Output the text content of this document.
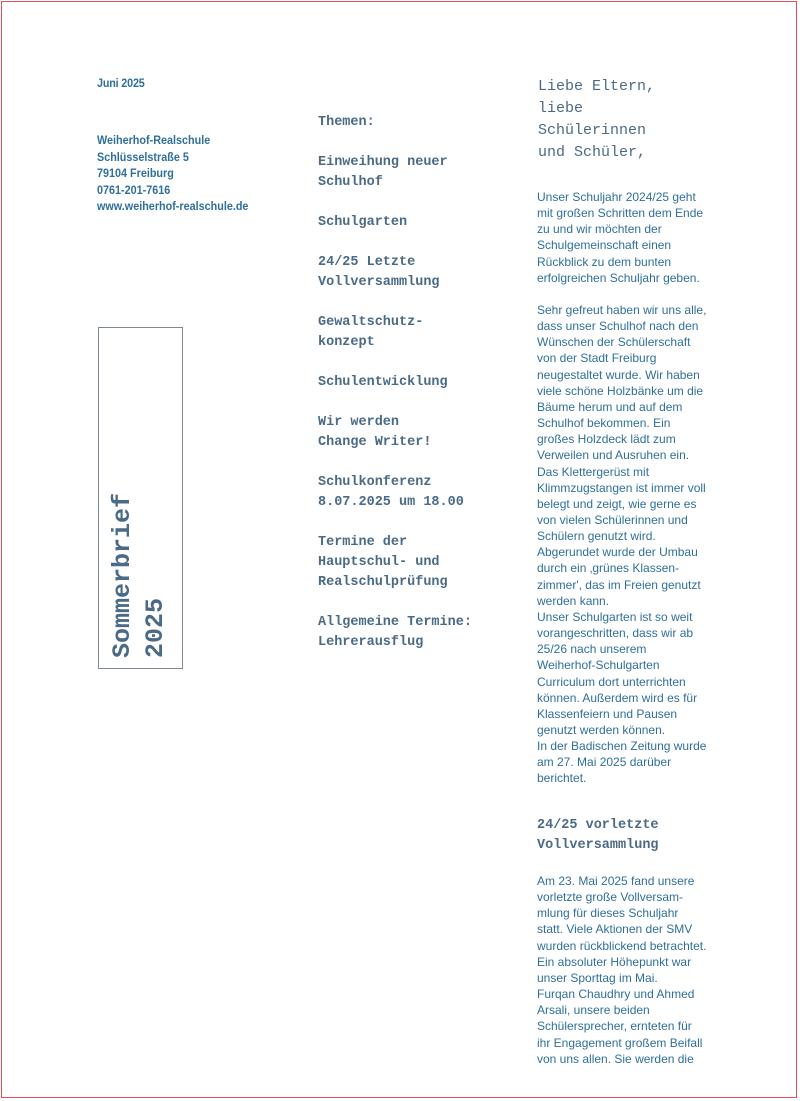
Juni 2025
Weiherhof-Realschule
Schlüsselstraße 5
79104 Freiburg
0761-201-7616
www.weiherhof-realschule.de
Sommerbrief 2025
Themen:
Einweihung neuer
Schulhof
Schulgarten
24/25 Letzte
Vollversammlung
Gewaltschutz-
konzept
Schulentwicklung
Wir werden
Change Writer!
Schulkonferenz
8.07.2025 um 18.00
Termine der
Hauptschul- und
Realschulprüfung
Allgemeine Termine:
Lehrerausflug
Liebe Eltern,
liebe
Schülerinnen
und Schüler,

Unser Schuljahr 2024/25 geht
mit großen Schritten dem Ende
zu und wir möchten der
Schulgemeinschaft einen
Rückblick zu dem bunten
erfolgreichen Schuljahr geben.

Sehr gefreut haben wir uns alle,
dass unser Schulhof nach den
Wünschen der Schülerschaft
von der Stadt Freiburg
neugestaltet wurde. Wir haben
viele schöne Holzbänke um die
Bäume herum und auf dem
Schulhof bekommen. Ein
großes Holzdeck lädt zum
Verweilen und Ausruhen ein.
Das Klettergerüst mit
Klimmzugstangen ist immer voll
belegt und zeigt, wie gerne es
von vielen Schülerinnen und
Schülern genutzt wird.
Abgerundet wurde der Umbau
durch ein ‚grünes Klassen-
zimmer', das im Freien genutzt
werden kann.
Unser Schulgarten ist so weit
vorangeschritten, dass wir ab
25/26 nach unserem
Weiherhof-Schulgarten
Curriculum dort unterrichten
können. Außerdem wird es für
Klassenfeiern und Pausen
genutzt werden können.
In der Badischen Zeitung wurde
am 27. Mai 2025 darüber
berichtet.

24/25 vorletzte
Vollversammlung
Am 23. Mai 2025 fand unsere
vorletzte große Vollversam-
mlung für dieses Schuljahr
statt. Viele Aktionen der SMV
wurden rückblickend betrachtet.
Ein absoluter Höhepunkt war
unser Sporttag im Mai.
Furqan Chaudhry und Ahmed
Arsali, unsere beiden
Schülersprecher, ernteten für
ihr Engagement großem Beifall
von uns allen. Sie werden die
